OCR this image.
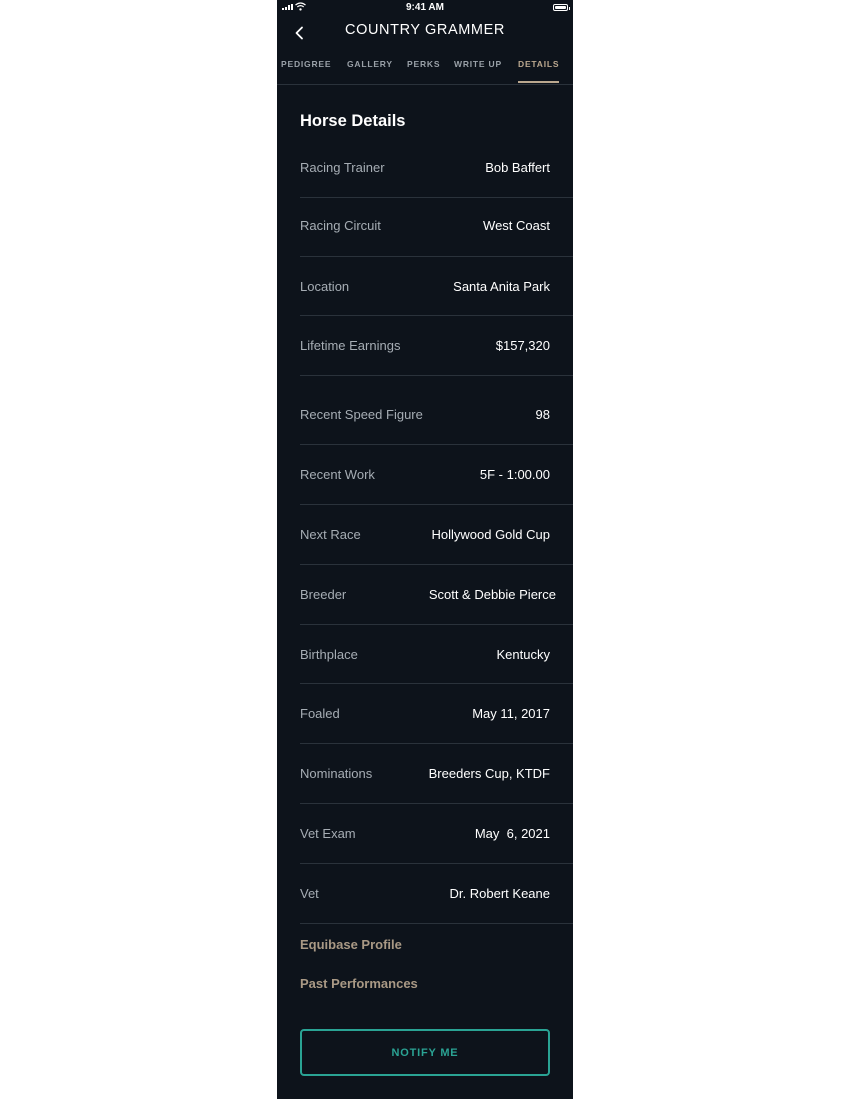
9:41 AM
COUNTRY GRAMMER
PEDIGREE GALLERY PERKS WRITE UP DETAILS
Horse Details
Racing Trainer	Bob Baffert
Racing Circuit	West Coast
Location	Santa Anita Park
Lifetime Earnings	$157,320
Recent Speed Figure	98
Recent Work	5F - 1:00.00
Next Race	Hollywood Gold Cup
Breeder	Scott & Debbie Pierce
Birthplace	Kentucky
Foaled	May 11, 2017
Nominations	Breeders Cup, KTDF
Vet Exam	May  6, 2021
Vet	Dr. Robert Keane
Equibase Profile
Past Performances
NOTIFY ME
